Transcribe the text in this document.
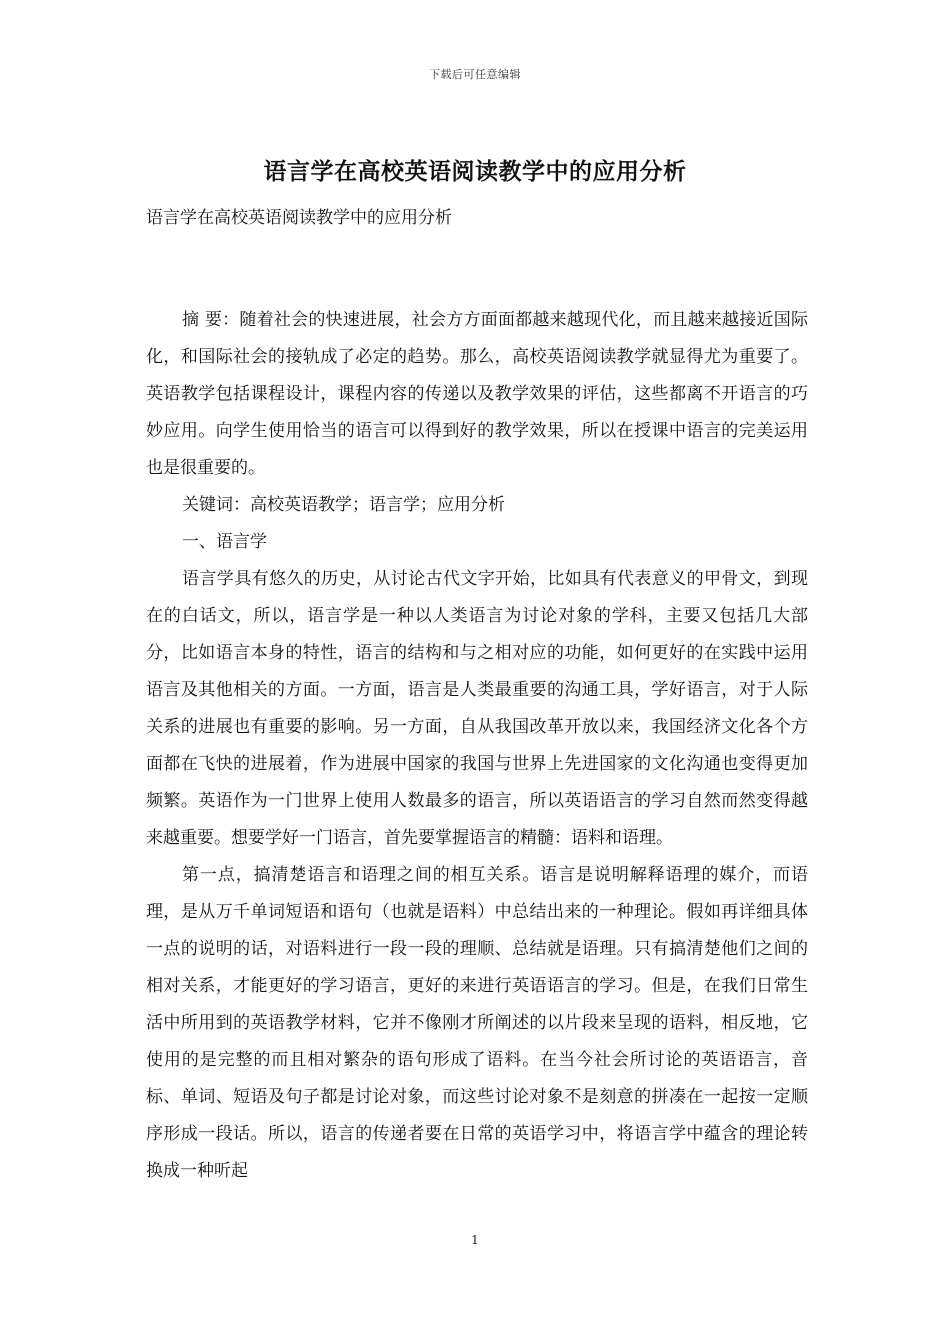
下载后可任意编辑
语言学在高校英语阅读教学中的应用分析

语言学在高校英语阅读教学中的应用分析

摘 要：随着社会的快速进展，社会方方面面都越来越现代化，而且越来越接近国际化，和国际社会的接轨成了必定的趋势。那么，高校英语阅读教学就显得尤为重要了。英语教学包括课程设计，课程内容的传递以及教学效果的评估，这些都离不开语言的巧妙应用。向学生使用恰当的语言可以得到好的教学效果，所以在授课中语言的完美运用也是很重要的。

关键词：高校英语教学；语言学；应用分析

一、语言学

语言学具有悠久的历史，从讨论古代文字开始，比如具有代表意义的甲骨文，到现在的白话文，所以，语言学是一种以人类语言为讨论对象的学科，主要又包括几大部分，比如语言本身的特性，语言的结构和与之相对应的功能，如何更好的在实践中运用语言及其他相关的方面。一方面，语言是人类最重要的沟通工具，学好语言，对于人际关系的进展也有重要的影响。另一方面，自从我国改革开放以来，我国经济文化各个方面都在飞快的进展着，作为进展中国家的我国与世界上先进国家的文化沟通也变得更加频繁。英语作为一门世界上使用人数最多的语言，所以英语语言的学习自然而然变得越来越重要。想要学好一门语言，首先要掌握语言的精髓：语料和语理。

第一点，搞清楚语言和语理之间的相互关系。语言是说明解释语理的媒介，而语理，是从万千单词短语和语句（也就是语料）中总结出来的一种理论。假如再详细具体一点的说明的话，对语料进行一段一段的理顺、总结就是语理。只有搞清楚他们之间的相对关系，才能更好的学习语言，更好的来进行英语语言的学习。但是，在我们日常生活中所用到的英语教学材料，它并不像刚才所阐述的以片段来呈现的语料，相反地，它使用的是完整的而且相对繁杂的语句形成了语料。在当今社会所讨论的英语语言，音标、单词、短语及句子都是讨论对象，而这些讨论对象不是刻意的拼凑在一起按一定顺序形成一段话。所以，语言的传递者要在日常的英语学习中，将语言学中蕴含的理论转换成一种听起

1
